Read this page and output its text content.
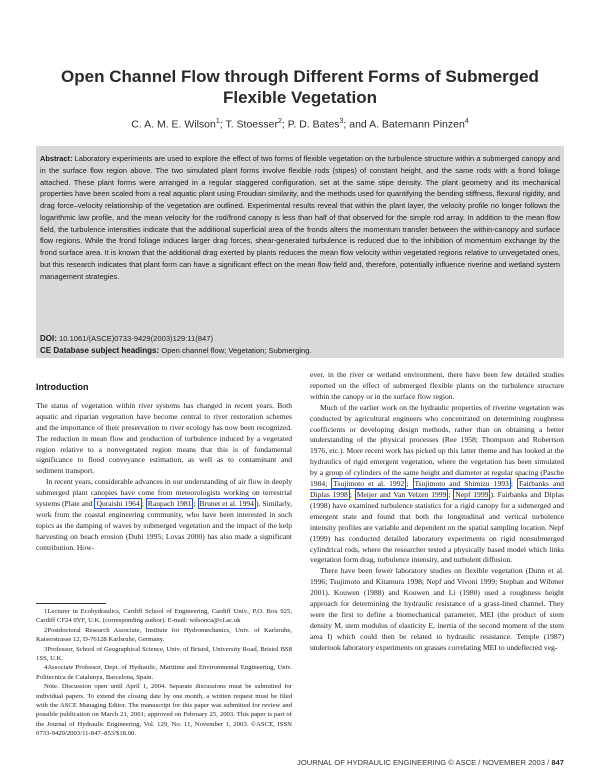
Open Channel Flow through Different Forms of Submerged Flexible Vegetation
C. A. M. E. Wilson$^1$; T. Stoesser$^2$; P. D. Bates$^3$; and A. Batemann Pinzen$^4$
Abstract: Laboratory experiments are used to explore the effect of two forms of flexible vegetation on the turbulence structure within a submerged canopy and in the surface flow region above. The two simulated plant forms involve flexible rods (stipes) of constant height, and the same rods with a frond foliage attached. These plant forms were arranged in a regular staggered configuration, set at the same stipe density. The plant geometry and its mechanical properties have been scaled from a real aquatic plant using Froudian similarity, and the methods used for quantifying the bending stiffness, flexural rigidity, and drag force–velocity relationship of the vegetation are outlined. Experimental results reveal that within the plant layer, the velocity profile no longer follows the logarithmic law profile, and the mean velocity for the rod/frond canopy is less than half of that observed for the simple rod array. In addition to the mean flow field, the turbulence intensities indicate that the additional superficial area of the fronds alters the momentum transfer between the within-canopy and surface flow regions. While the frond foliage induces larger drag forces, shear-generated turbulence is reduced due to the inhibition of momentum exchange by the frond surface area. It is known that the additional drag exerted by plants reduces the mean flow velocity within vegetated regions relative to unvegetated ones, but this research indicates that plant form can have a significant effect on the mean flow field and, therefore, potentially influence riverine and wetland system management strategies.
DOI: 10.1061/(ASCE)0733-9429(2003)129:11(847)
CE Database subject headings: Open channel flow; Vegetation; Submerging.
Introduction

The status of vegetation within river systems has changed in recent years. Both aquatic and riparian vegetation have become central to river restoration schemes and the importance of their preservation to river ecology has now been recognized. The reduction in mean flow and production of turbulence induced by a vegetated region relative to a nonvegetated region means that this is of fundamental significance to flood conveyance estimation, as well as to contaminant and sediment transport.

In recent years, considerable advances in our understanding of air flow in deeply submerged plant canopies have come from meteorologists working on terrestrial systems (Plate and Quraishi 1964 ; Raupach 1981 ; Brunet et al. 1994 ). Similarly, work from the coastal engineering community, who have been interested in such topics as the damping of waves by submerged vegetation and the impact of the kelp harvesting on beach erosion (Dubi 1995; Lovas 2000) has also made a significant contribution. How-

1Lecturer in Ecohydraulics, Cardiff School of Engineering, Cardiff Univ., P.O. Box 925, Cardiff CF24 0YF, U.K. (corresponding author). E-mail: wilsonca@cf.ac.uk

2Postdoctoral Research Associate, Institute for Hydromechanics, Univ. of Karlsruhe, Kaiserstrasse 12, D-76128 Karlsruhe, Germany.

3Professor, School of Geographical Science, Univ. of Bristol, University Road, Bristol BS8 1SS, U.K.

4Associate Professor, Dept. of Hydraulic, Maritime and Environmental Engineering, Univ. Politecnica de Catalunya, Barcelona, Spain.

Note. Discussion open until April 1, 2004. Separate discussions must be submitted for individual papers. To extend the closing date by one month, a written request must be filed with the ASCE Managing Editor. The manuscript for this paper was submitted for review and possible publication on March 21, 2001; approved on February 25, 2003. This paper is part of the Journal of Hydraulic Engineering, Vol. 129, No. 11, November 1, 2003. ©ASCE, ISSN 0733-9429/2003/11-847–853/$18.00.

ever, in the river or wetland environment, there have been few detailed studies reported on the effect of submerged flexible plants on the turbulence structure within the canopy or in the surface flow region.

Much of the earlier work on the hydraulic properties of riverine vegetation was conducted by agricultural engineers who concentrated on determining roughness coefficients or developing design methods, rather than on obtaining a better understanding of the physical processes (Ree 1958; Thompson and Robertson 1976, etc.). More recent work has picked up this latter theme and has looked at the hydraulics of rigid emergent vegetation, where the vegetation has been simulated by a group of cylinders of the same height and diameter at regular spacing (Pasche 1984; Tsujimoto et al. 1992 ; Tsujimoto and Shimizu 1993 ; Fairbanks and Diplas 1998 ; Meijer and Van Velzen 1999 ; Nepf 1999 ). Fairbanks and Diplas (1998) have examined turbulence statistics for a rigid canopy for a submerged and emergent state and found that both the longitudinal and vertical turbulence intensity profiles are variable and dependent on the spatial sampling location. Nepf (1999) has conducted detailed laboratory experiments on rigid nonsubmerged cylindrical rods, where the researcher tested a physically based model which links vegetation form drag, turbulence intensity, and turbulent diffusion.

There have been fewer laboratory studies on flexible vegetation (Dunn et al. 1996; Tsujimoto and Kitamura 1998; Nepf and Vivoni 1999; Stephan and Wibmer 2001). Kouwen (1988) and Kouwen and Li (1980) used a roughness height approach for determining the hydraulic resistance of a grass-lined channel. They were the first to define a biomechanical parameter, MEI (the product of stem density M, stem modulus of elasticity E, inertia of the second moment of the stem area I) which could then be related to hydraulic resistance. Temple (1987) undertook laboratory experiments on grasses correlating MEI to undeflected veg-

JOURNAL OF HYDRAULIC ENGINEERING © ASCE / NOVEMBER 2003 / 847
